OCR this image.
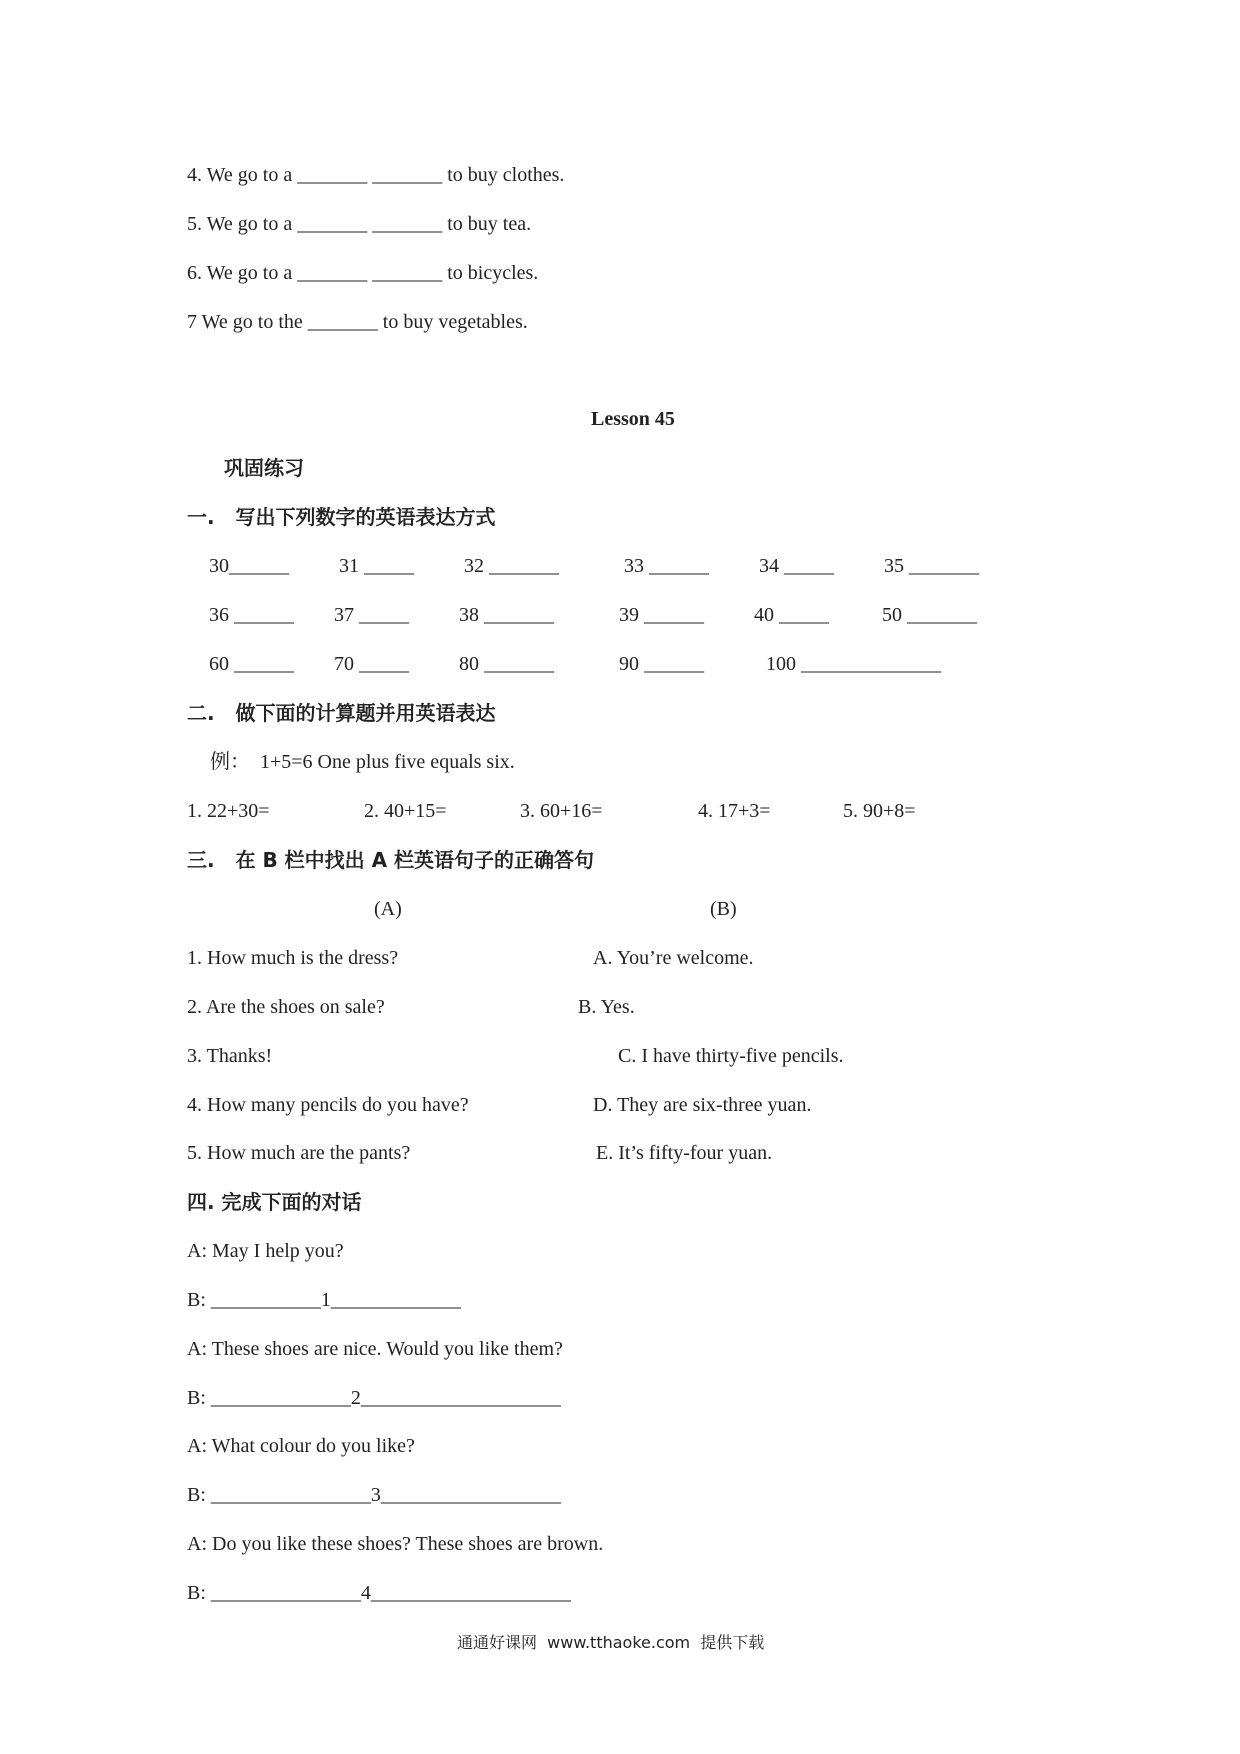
4. We go to a _______ _______ to buy clothes.
5. We go to a _______ _______ to buy tea.
6. We go to a _______ _______ to bicycles.
7 We go to the _______ to buy vegetables.
Lesson 45
巩固练习
一.   写出下列数字的英语表达方式
30______	31 _____	32 _______	33 ______	34 _____	35 _______
36 ______ 37 _____	38 _______	39 ______	40 _____	50 _______
60 ______ 70 _____	80 _______	90 ______	100 ______________
二.   做下面的计算题并用英语表达
例：  1+5=6 One plus five equals six.
1. 22+30=	2. 40+15=	3. 60+16=	4. 17+3=	5. 90+8=
三.   在 B 栏中找出 A 栏英语句子的正确答句
(A)	(B)
1. How much is the dress?	A. You’re welcome.
2. Are the shoes on sale?	B. Yes.
3. Thanks!	C. I have thirty-five pencils.
4. How many pencils do you have?	D. They are six-three yuan.
5. How much are the pants?	E. It’s fifty-four yuan.
四. 完成下面的对话
A: May I help you?
B: ___________1_____________
A: These shoes are nice. Would you like them?
B: ______________2____________________
A: What colour do you like?
B: ________________3__________________
A: Do you like these shoes? These shoes are brown.
B: _______________4____________________
通通好课网  www.tthaoke.com  提供下载
